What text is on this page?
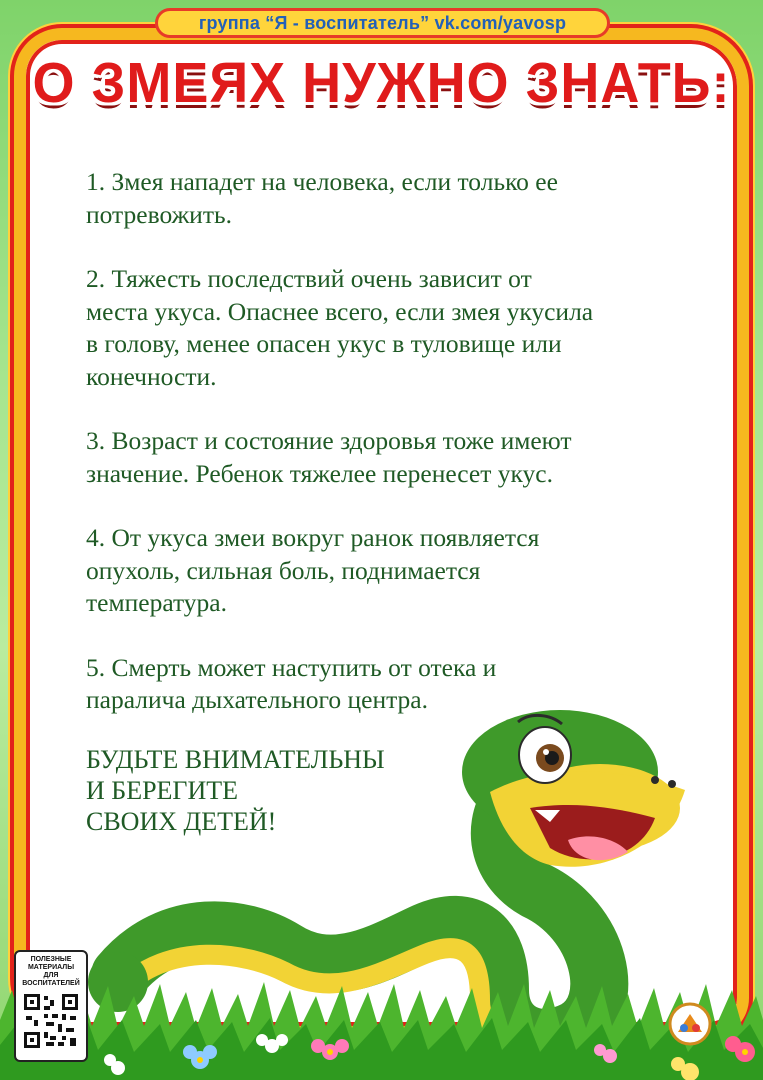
группа “Я - воспитатель” vk.com/yavosp
О ЗМЕЯХ НУЖНО ЗНАТЬ:
1. Змея нападет на человека, если только ее
потревожить.
2. Тяжесть последствий очень зависит от
места укуса. Опаснее всего, если змея укусила
в голову, менее опасен укус в туловище или
конечности.
3. Возраст и состояние здоровья тоже имеют
значение. Ребенок тяжелее перенесет укус.
4. От укуса змеи вокруг ранок появляется
опухоль, сильная боль, поднимается
температура.
5. Смерть может наступить от отека и
паралича дыхательного центра.
БУДЬТЕ ВНИМАТЕЛЬНЫ
И БЕРЕГИТЕ
СВОИХ ДЕТЕЙ!
ПОЛЕЗНЫЕ
МАТЕРИАЛЫ
ДЛЯ
ВОСПИТАТЕЛЕЙ
